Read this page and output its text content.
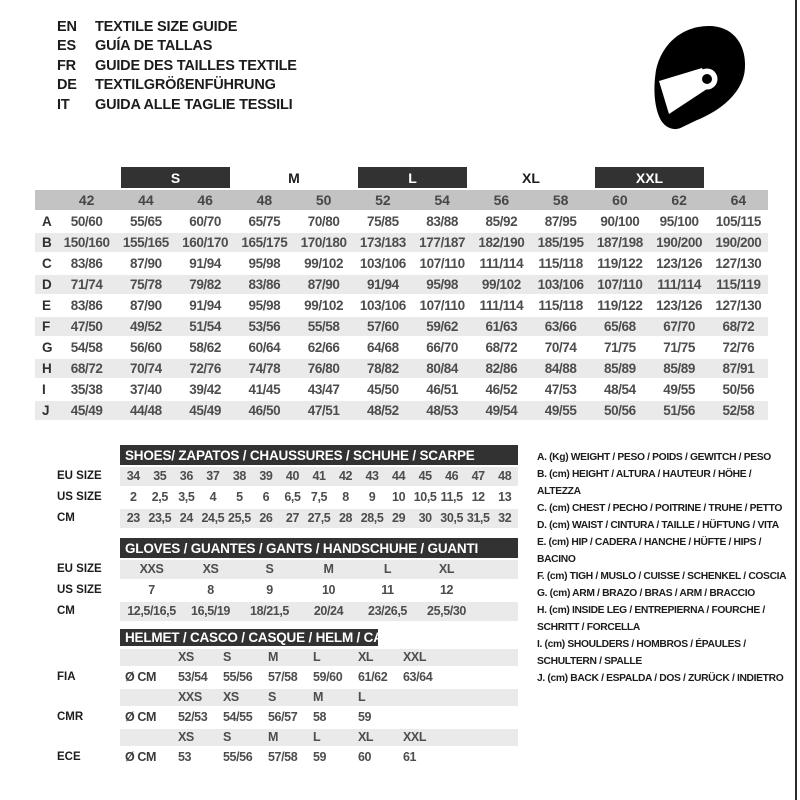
EN	TEXTILE SIZE GUIDE
ES	GUÍA DE TALLAS
FR	GUIDE DES TAILLES TEXTILE
DE	TEXTILGRÖßENFÜHRUNG
IT	GUIDA ALLE TAGLIE TESSILI
S	M	L	XL	XXL
42	44	46	48	50	52	54	56	58	60	62	64
A	50/60	55/65	60/70	65/75	70/80	75/85	83/88	85/92	87/95	90/100	95/100	105/115
B 150/160 155/165 160/170 165/175 170/180 173/183 177/187 182/190 185/195 187/198 190/200 190/200
C	83/86	87/90	91/94	95/98	99/102	103/106	107/110	111/114	115/118	119/122	123/126 127/130
D	71/74	75/78	79/82	83/86	87/90	91/94	95/98	99/102	103/106	107/110	111/114	115/119
E	83/86	87/90	91/94	95/98	99/102	103/106	107/110	111/114	115/118	119/122	123/126 127/130
F	47/50	49/52	51/54	53/56	55/58	57/60	59/62	61/63	63/66	65/68	67/70	68/72
G	54/58	56/60	58/62	60/64	62/66	64/68	66/70	68/72	70/74	71/75	71/75	72/76
H	68/72	70/74	72/76	74/78	76/80	78/82	80/84	82/86	84/88	85/89	85/89	87/91
I	35/38	37/40	39/42	41/45	43/47	45/50	46/51	46/52	47/53	48/54	49/55	50/56
J	45/49	44/48	45/49	46/50	47/51	48/52	48/53	49/54	49/55	50/56	51/56	52/58
SHOES/ ZAPATOS / CHAUSSURES / SCHUHE / SCARPE
EU SIZE	34	35	36	37	38	39	40	41	42	43	44	45	46	47	48
US SIZE	2	2,5 3,5	4	5	6	6,5 7,5	8	9	10 10,5 11,5 12	13
CM	23 23,5 24 24,5 25,5 26	27 27,5 28 28,5 29	30 30,5 31,5 32
GLOVES / GUANTES / GANTS / HANDSCHUHE / GUANTI
EU SIZE	XXS	XS	S	M	L	XL
US SIZE	7	8	9	10	11	12
CM	12,5/16,5	16,5/19	18/21,5	20/24	23/26,5	25,5/30
HELMET / CASCO / CASQUE / HELM / CASCO
XS	S	M	L	XL	XXL
FIA	Ø CM	53/54	55/56	57/58	59/60	61/62	63/64
XXS	XS	S	M	L
CMR	Ø CM	52/53	54/55	56/57	58	59
XS	S	M	L	XL	XXL
ECE	Ø CM	53	55/56	57/58	59	60	61
A. (Kg) WEIGHT / PESO / POIDS / GEWITCH / PESO
B. (cm) HEIGHT / ALTURA / HAUTEUR / HÖHE / ALTEZZA
C. (cm) CHEST / PECHO / POITRINE / TRUHE / PETTO
D. (cm) WAIST / CINTURA / TAILLE / HÜFTUNG / VITA
E. (cm) HIP / CADERA / HANCHE / HÜFTE / HIPS / BACINO
F. (cm) TIGH / MUSLO / CUISSE / SCHENKEL / COSCIA
G. (cm) ARM / BRAZO / BRAS / ARM / BRACCIO
H. (cm) INSIDE LEG / ENTREPIERNA / FOURCHE / SCHRITT / FORCELLA
I. (cm) SHOULDERS / HOMBROS / ÉPAULES / SCHULTERN / SPALLE
J. (cm) BACK / ESPALDA / DOS / ZURÜCK / INDIETRO
